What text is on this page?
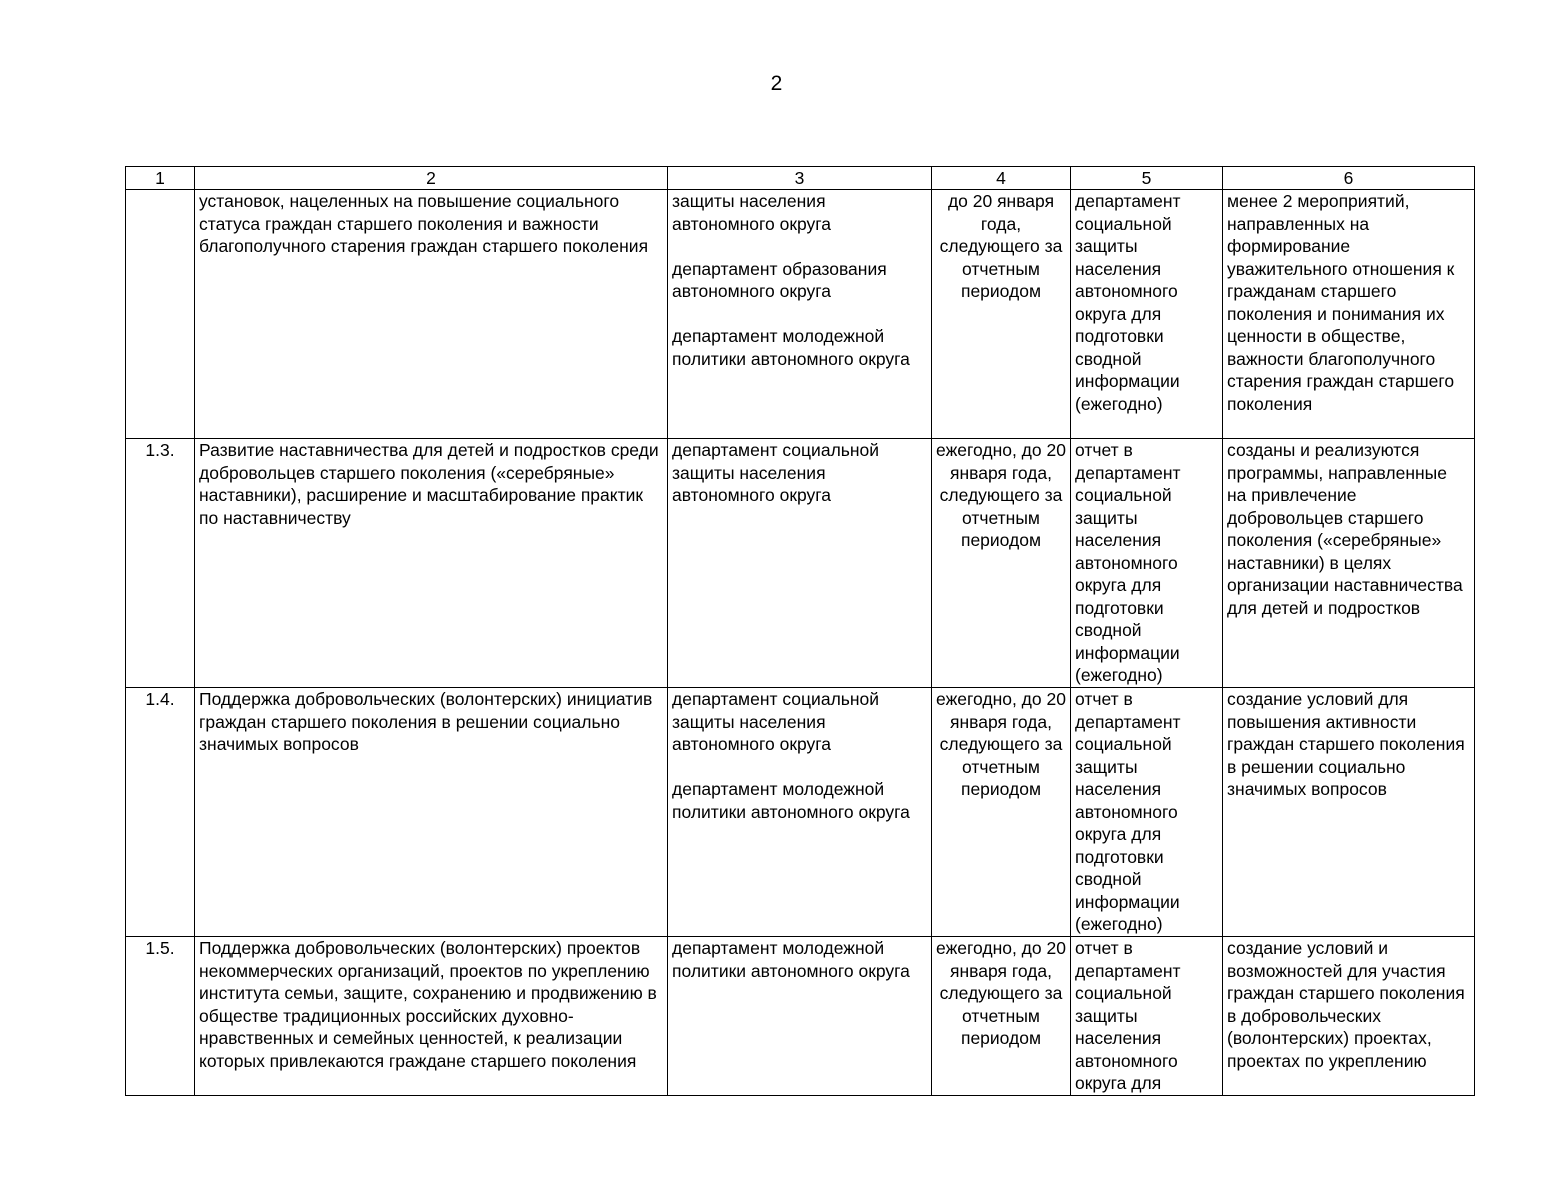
2
1	2	3	4	5	6
	установок, нацеленных на повышение социального статуса граждан старшего поколения и важности благополучного старения граждан старшего поколения	защиты населения автономного округа
департамент образования автономного округа
департамент молодежной политики автономного округа	до 20 января года, следующего за отчетным периодом	департамент социальной защиты населения автономного округа для подготовки сводной информации (ежегодно)	менее 2 мероприятий, направленных на формирование уважительного отношения к гражданам старшего поколения и понимания их ценности в обществе, важности благополучного старения граждан старшего поколения
1.3.	Развитие наставничества для детей и подростков среди добровольцев старшего поколения («серебряные» наставники), расширение и масштабирование практик по наставничеству	департамент социальной защиты населения автономного округа	ежегодно, до 20 января года, следующего за отчетным периодом	отчет в департамент социальной защиты населения автономного округа для подготовки сводной информации (ежегодно)	созданы и реализуются программы, направленные на привлечение добровольцев старшего поколения («серебряные» наставники) в целях организации наставничества для детей и подростков
1.4.	Поддержка добровольческих (волонтерских) инициатив граждан старшего поколения в решении социально значимых вопросов	департамент социальной защиты населения автономного округа
департамент молодежной политики автономного округа	ежегодно, до 20 января года, следующего за отчетным периодом	отчет в департамент социальной защиты населения автономного округа для подготовки сводной информации (ежегодно)	создание условий для повышения активности граждан старшего поколения в решении социально значимых вопросов
1.5.	Поддержка добровольческих (волонтерских) проектов некоммерческих организаций, проектов по укреплению института семьи, защите, сохранению и продвижению в обществе традиционных российских духовно-нравственных и семейных ценностей, к реализации которых привлекаются граждане старшего поколения	департамент молодежной политики автономного округа	ежегодно, до 20 января года, следующего за отчетным периодом	отчет в департамент социальной защиты населения автономного округа для	создание условий и возможностей для участия граждан старшего поколения в добровольческих (волонтерских) проектах, проектах по укреплению
